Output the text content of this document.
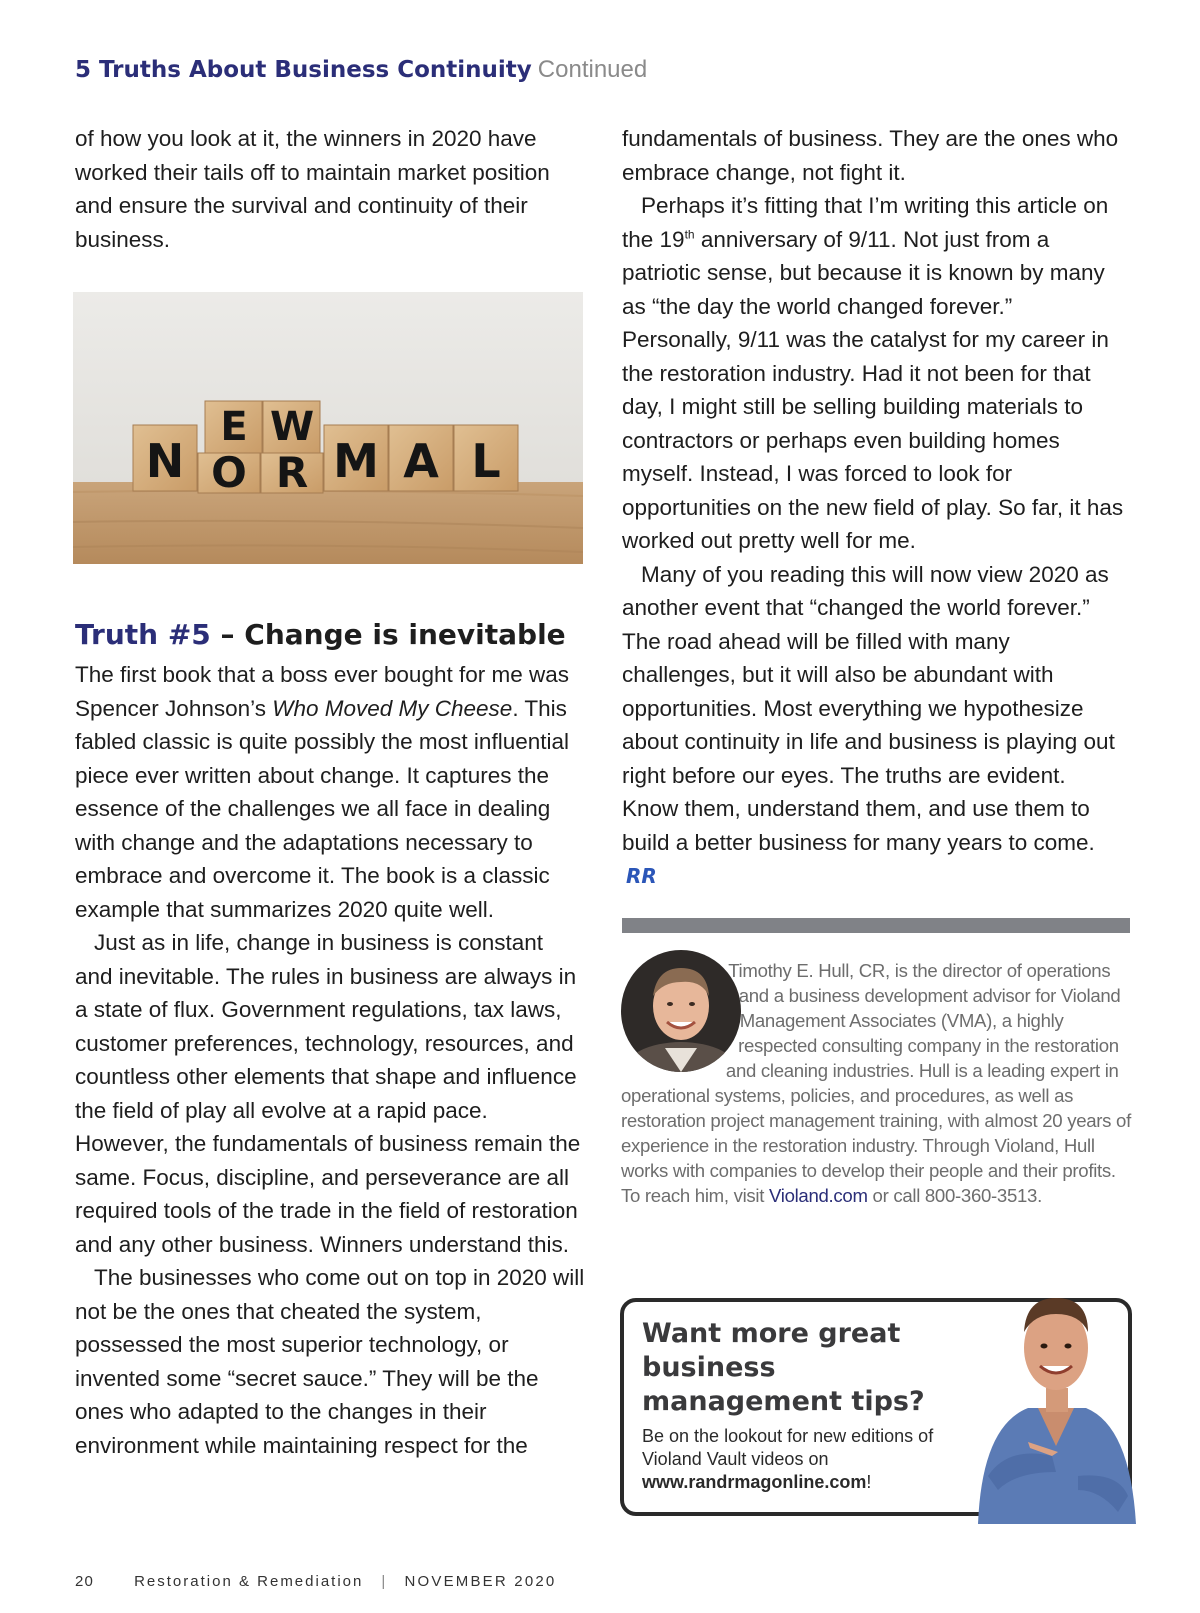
5 Truths About Business Continuity Continued

of how you look at it, the winners in 2020 have worked their tails off to maintain market position and ensure the survival and continuity of their business.

E W
N O R M A L
Truth #5 – Change is inevitable

The first book that a boss ever bought for me was Spencer Johnson’s Who Moved My Cheese. This fabled classic is quite possibly the most influential piece ever written about change. It captures the essence of the challenges we all face in dealing with change and the adaptations necessary to embrace and overcome it. The book is a classic example that summarizes 2020 quite well.

Just as in life, change in business is constant and inevitable. The rules in business are always in a state of flux. Government regulations, tax laws, customer preferences, technology, resources, and countless other elements that shape and influence the field of play all evolve at a rapid pace. However, the fundamentals of business remain the same. Focus, discipline, and perseverance are all required tools of the trade in the field of restoration and any other business. Winners understand this.

The businesses who come out on top in 2020 will not be the ones that cheated the system, possessed the most superior technology, or invented some “secret sauce.” They will be the ones who adapted to the changes in their environment while maintaining respect for the

fundamentals of business. They are the ones who embrace change, not fight it.

Perhaps it’s fitting that I’m writing this article on the 19th anniversary of 9/11. Not just from a patriotic sense, but because it is known by many as “the day the world changed forever.” Personally, 9/11 was the catalyst for my career in the restoration industry. Had it not been for that day, I might still be selling building materials to contractors or perhaps even building homes myself. Instead, I was forced to look for opportunities on the new field of play. So far, it has worked out pretty well for me.

Many of you reading this will now view 2020 as another event that “changed the world forever.” The road ahead will be filled with many challenges, but it will also be abundant with opportunities. Most everything we hypothesize about continuity in life and business is playing out right before our eyes. The truths are evident. Know them, understand them, and use them to build a better business for many years to come.
RR

Timothy E. Hull, CR, is the director of operations and a business development advisor for Violand Management Associates (VMA), a highly respected consulting company in the restoration and cleaning industries. Hull is a leading expert in operational systems, policies, and procedures, as well as restoration project management training, with almost 20 years of experience in the restoration industry. Through Violand, Hull works with companies to develop their people and their profits. To reach him, visit Violand.com or call 800-360-3513.
Want more great business management tips?
Be on the lookout for new editions of Violand Vault videos on www.randrmagonline.com!
20	Restoration & Remediation | NOVEMBER 2020
